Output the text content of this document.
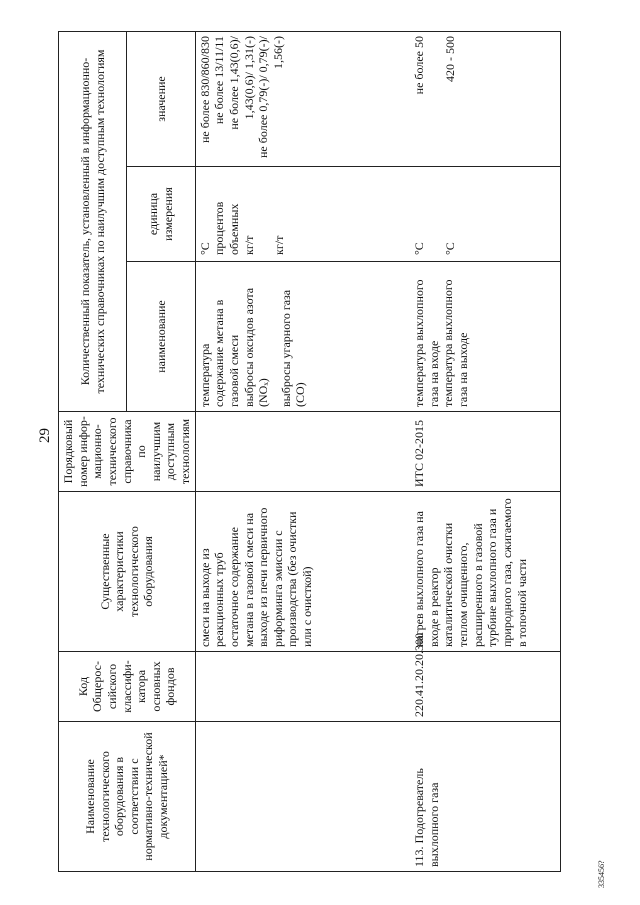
29
335456?
Наименование технологического оборудования в соответствии с нормативно-технической документацией*	Код Общерос-сийского классифи-катора основных фондов	Существенные характеристики технологического оборудования	Порядковый номер инфор-мационно-технического справочника по наилучшим доступным технологиям	Количественный показатель, установленный в информационно-технических справочниках по наилучшим доступным технологиям		
				наименование	единица измерения	значение
		смеси на выходе из реакционных труб остаточное содержание метана в газовой смеси на выходе из печи первичного риформинга эмиссии с производства (без очистки или с очисткой)		температура содержание метана в газовой смеси выбросы оксидов азота (NOₓ) выбросы угарного газа (CO)	°С процентов объемных кг/т кг/т	не более 830/860/830 не более 13/11/11 не более 1,43(0,6)/ 1,43(0,6)/ 1,31(-) не более 0,79(-)/ 0,79(-)/ 1,56(-)

113. Подогреватель выхлопного газа	220.41.20.20.300	нагрев выхлопного газа на входе в реактор каталитической очистки теплом очищенного, расширенного в газовой турбине выхлопного газа и природного газа, сжигаемого в топочной части	ИТС 02-2015	температура выхлопного газа на входе температура выхлопного газа на выходе	°С °С	не более 50 420 - 500
